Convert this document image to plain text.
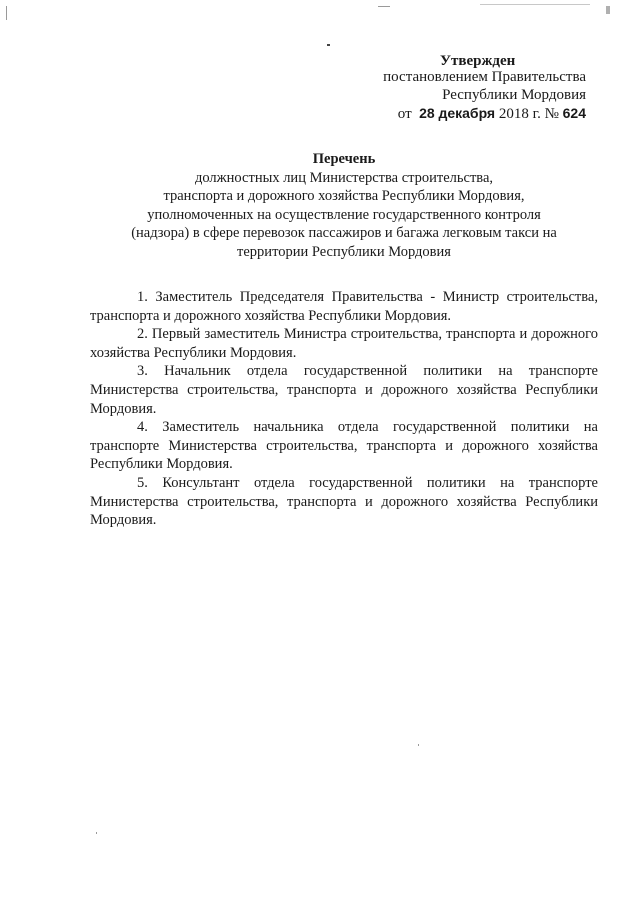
Утвержден
постановлением Правительства
Республики Мордовия
от 28 декабря 2018 г. № 624
Перечень
должностных лиц Министерства строительства,
транспорта и дорожного хозяйства Республики Мордовия,
уполномоченных на осуществление государственного контроля
(надзора) в сфере перевозок пассажиров и багажа легковым такси на
территории Республики Мордовия

1. Заместитель Председателя Правительства - Министр строительства, транспорта и дорожного хозяйства Республики Мордовия.

2. Первый заместитель Министра строительства, транспорта и дорожного хозяйства Республики Мордовия.

3. Начальник отдела государственной политики на транспорте Министерства строительства, транспорта и дорожного хозяйства Республики Мордовия.

4. Заместитель начальника отдела государственной политики на транспорте Министерства строительства, транспорта и дорожного хозяйства Республики Мордовия.

5. Консультант отдела государственной политики на транспорте Министерства строительства, транспорта и дорожного хозяйства Республики Мордовия.
